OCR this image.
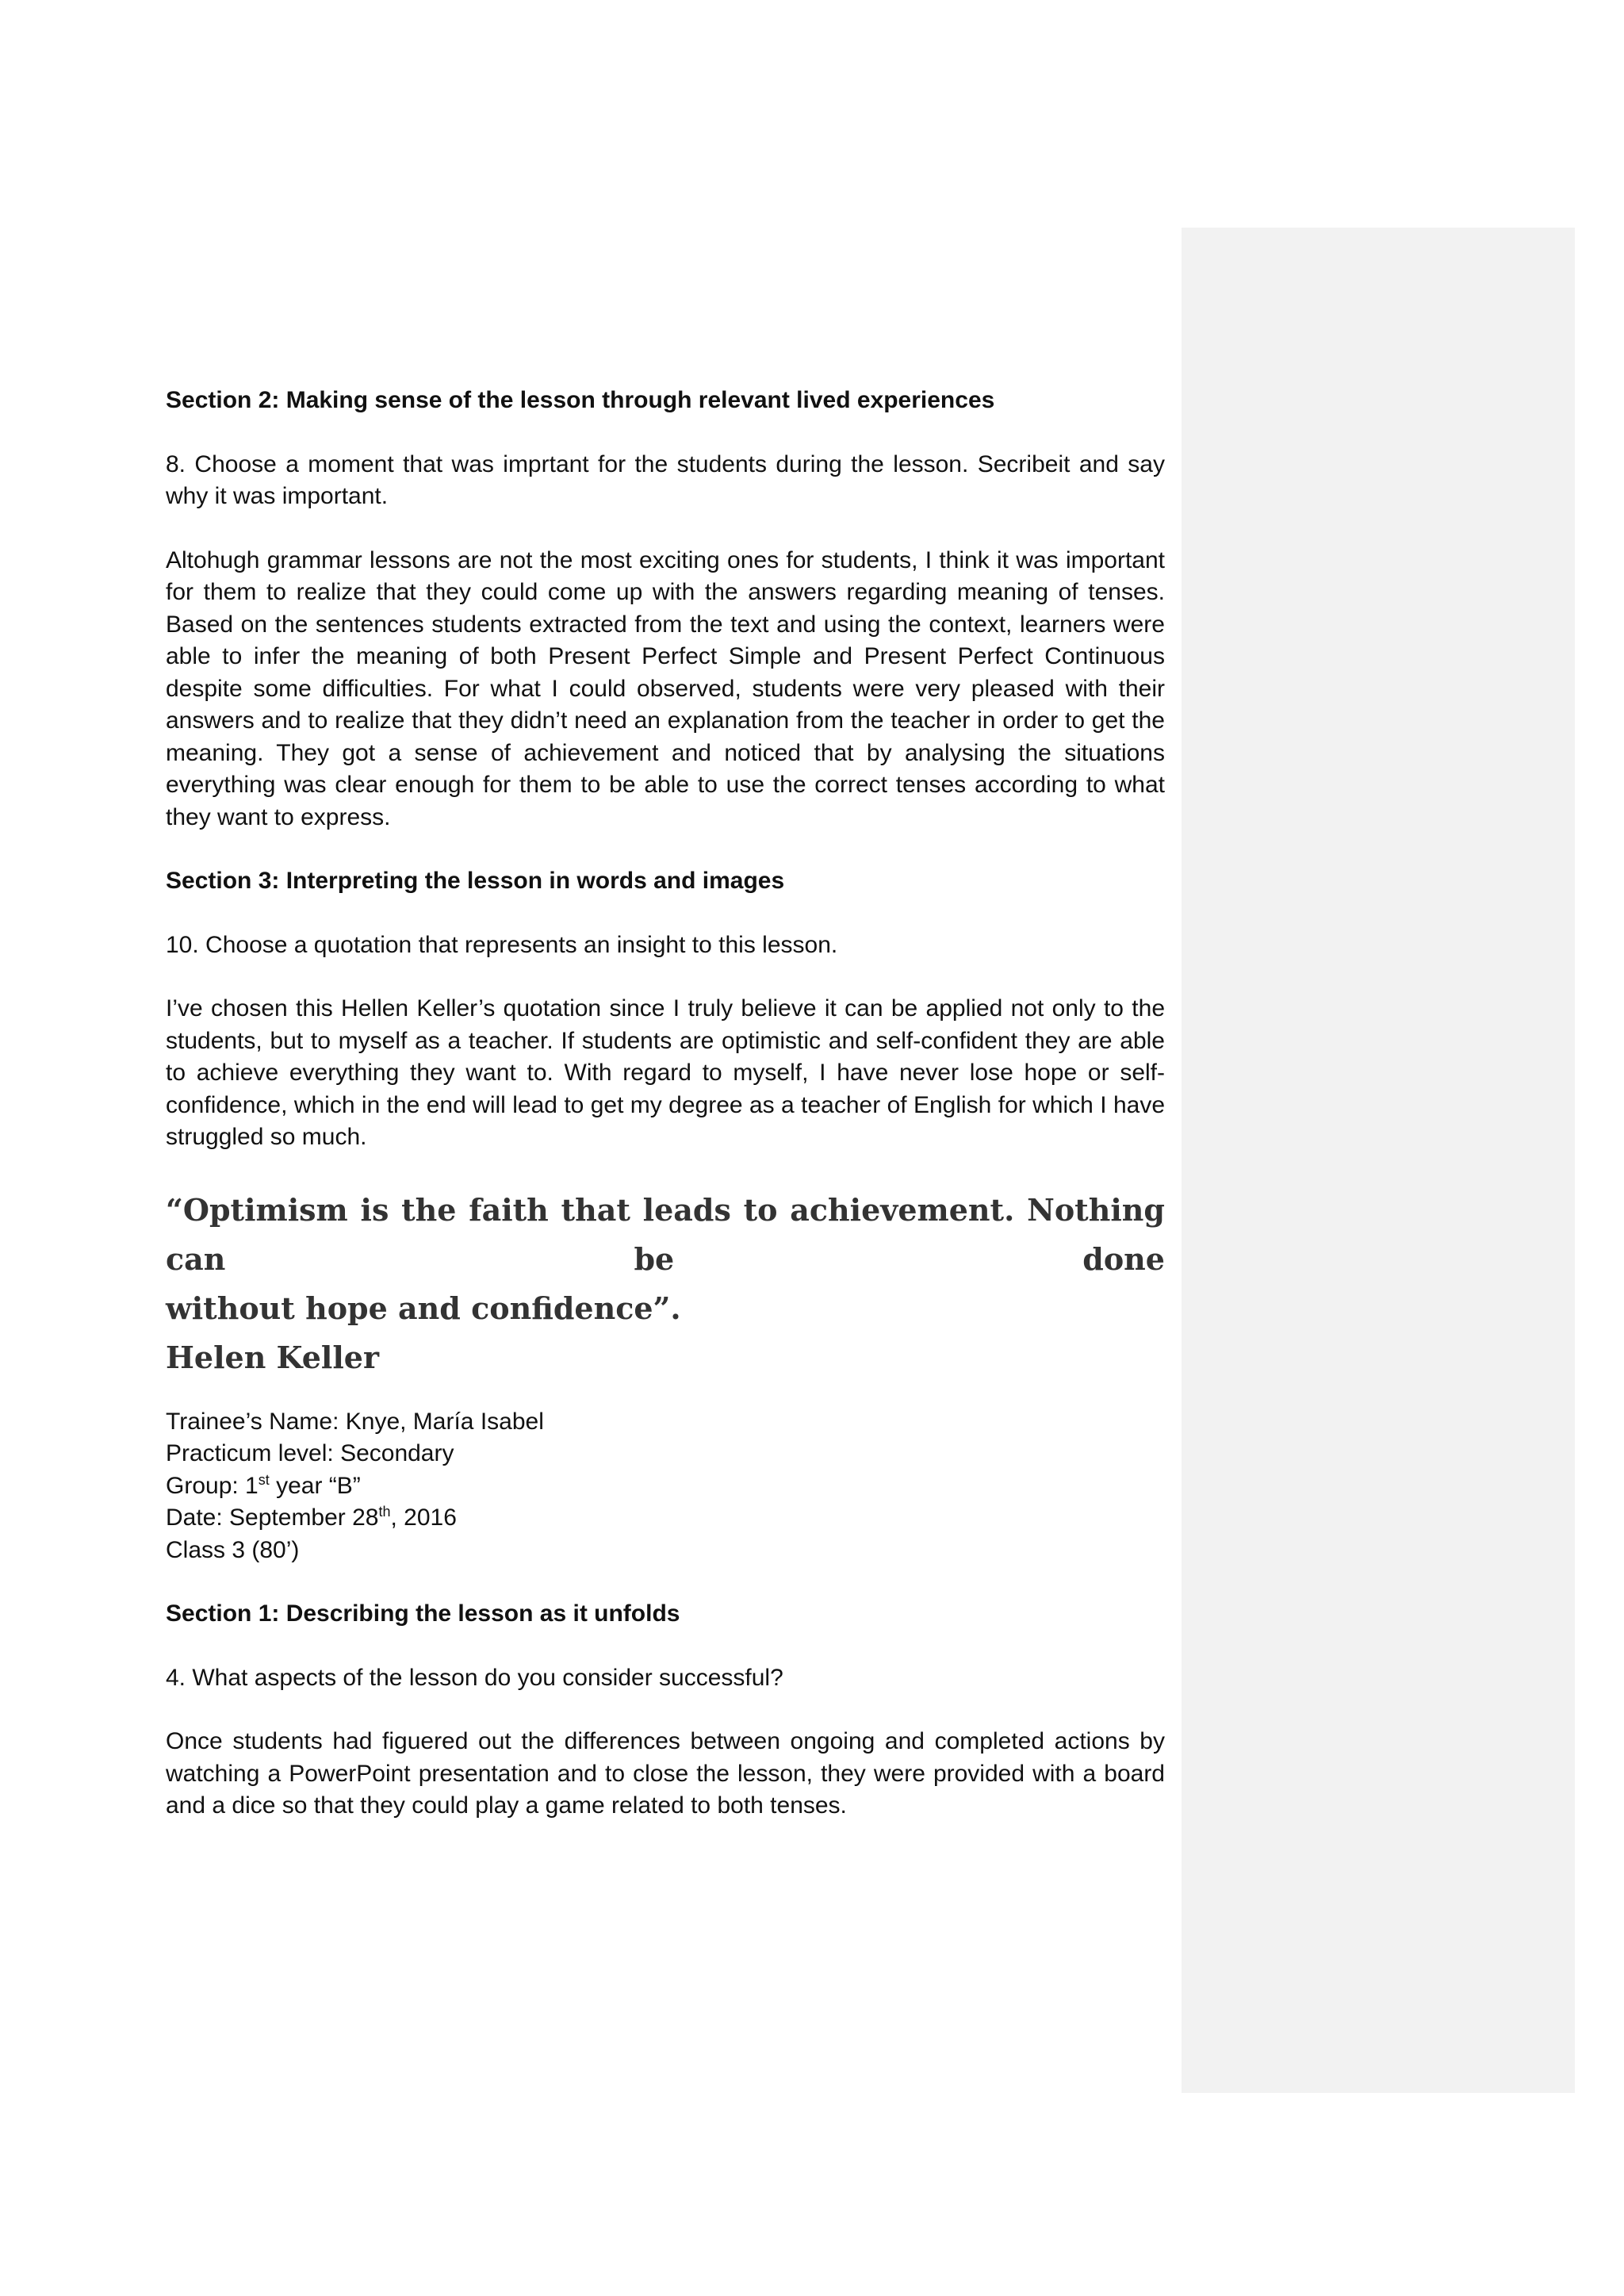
Section 2: Making sense of the lesson through relevant lived experiences

8. Choose a moment that was imprtant for the students during the lesson. Secribeit and say why it was important.

Altohugh grammar lessons are not the most exciting ones for students, I think it was important for them to realize that they could come up with the answers regarding meaning of tenses. Based on the sentences students extracted from the text and using the context, learners were able to infer the meaning of both Present Perfect Simple and Present Perfect Continuous despite some difficulties. For what I could observed, students were very pleased with their answers and to realize that they didn’t need an explanation from the teacher in order to get the meaning. They got a sense of achievement and noticed that by analysing the situations everything was clear enough for them to be able to use the correct tenses according to what they want to express.

Section 3: Interpreting the lesson in words and images

10. Choose a quotation that represents an insight to this lesson.

I’ve chosen this Hellen Keller’s quotation since I truly believe it can be applied not only to the students, but to myself as a teacher. If students are optimistic and self-confident they are able to achieve everything they want to. With regard to myself, I have never lose hope or self-confidence, which in the end will lead to get my degree as a teacher of English for which I have struggled so much.

“Optimism is the faith that leads to achievement. Nothing can be done
without hope and confidence”.

Helen Keller

Trainee’s Name: Knye, María Isabel
Practicum level: Secondary
Group: 1st year “B”
Date: September 28th, 2016
Class 3 (80’)

Section 1: Describing the lesson as it unfolds

4. What aspects of the lesson do you consider successful?

Once students had figuered out the differences between ongoing and completed actions by watching a PowerPoint presentation and to close the lesson, they were provided with a board and a dice so that they could play a game related to both tenses.
